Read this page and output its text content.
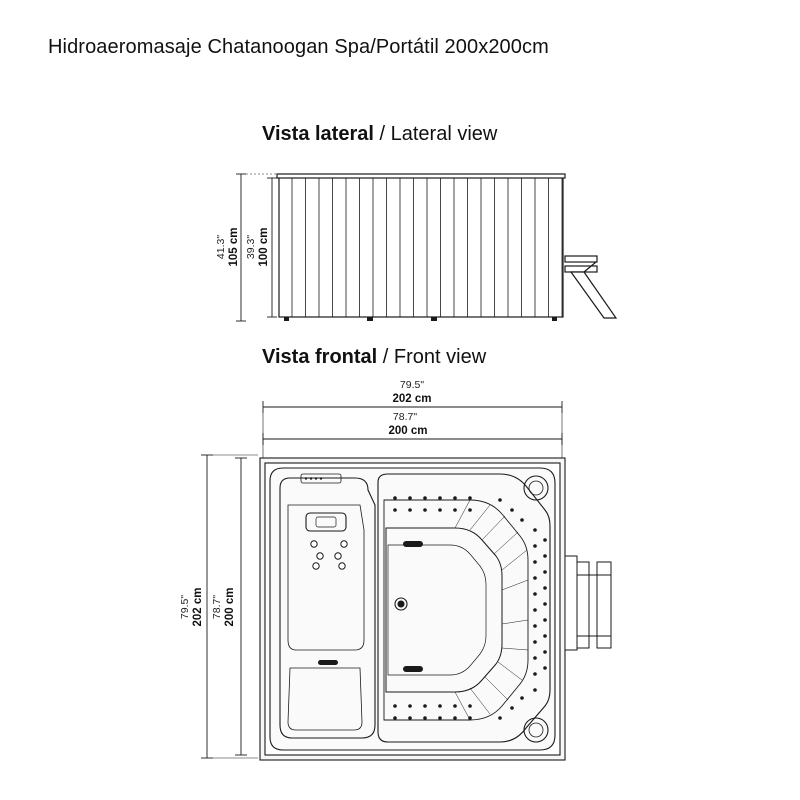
Hidroaeromasaje Chatanoogan Spa/Portátil 200x200cm
Vista lateral / Lateral view
Vista frontal / Front view
41.3" 105 cm 39.3" 100 cm
79.5"
202 cm
78.7"
200 cm
79.5" 202 cm 78.7" 200 cm
